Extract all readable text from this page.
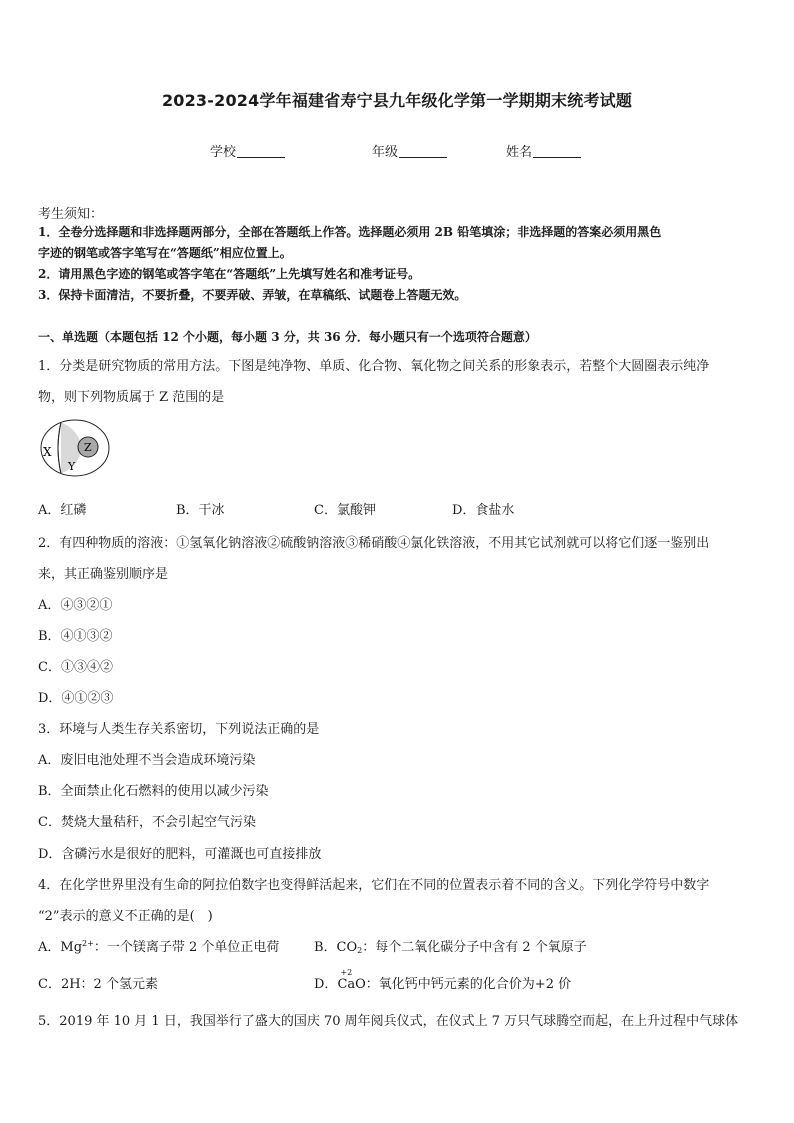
2023-2024学年福建省寿宁县九年级化学第一学期期末统考试题
学校	年级	姓名
考生须知：
1．全卷分选择题和非选择题两部分，全部在答题纸上作答。选择题必须用 2B 铅笔填涂；非选择题的答案必须用黑色
字迹的钢笔或答字笔写在“答题纸”相应位置上。
2．请用黑色字迹的钢笔或答字笔在“答题纸”上先填写姓名和准考证号。
3．保持卡面清洁，不要折叠，不要弄破、弄皱，在草稿纸、试题卷上答题无效。
一、单选题（本题包括 12 个小题，每小题 3 分，共 36 分．每小题只有一个选项符合题意）
1．分类是研究物质的常用方法。下图是纯净物、单质、化合物、氧化物之间关系的形象表示，若整个大圆圈表示纯净
物，则下列物质属于 Z 范围的是
X
Y
Z
A．红磷	B．干冰	C．氯酸钾	D．食盐水
2．有四种物质的溶液：①氢氧化钠溶液②硫酸钠溶液③稀硝酸④氯化铁溶液，不用其它试剂就可以将它们逐一鉴别出
来，其正确鉴别顺序是
A．④③②①
B．④①③②
C．①③④②
D．④①②③
3．环境与人类生存关系密切，下列说法正确的是
A．废旧电池处理不当会造成环境污染
B．全面禁止化石燃料的使用以减少污染
C．焚烧大量秸秆，不会引起空气污染
D．含磷污水是很好的肥料，可灌溉也可直接排放
4．在化学世界里没有生命的阿拉伯数字也变得鲜活起来，它们在不同的位置表示着不同的含义。下列化学符号中数字
“2”表示的意义不正确的是(　)
A．$Mg^{2+}$：一个镁离子带 2 个单位正电荷	B．$CO_2$：每个二氧化碳分子中含有 2 个氧原子
C．2H：2 个氢元素	D．
+2
CaO：氧化钙中钙元素的化合价为+2 价
5．2019 年 10 月 1 日，我国举行了盛大的国庆 70 周年阅兵仪式，在仪式上 7 万只气球腾空而起，在上升过程中气球体
